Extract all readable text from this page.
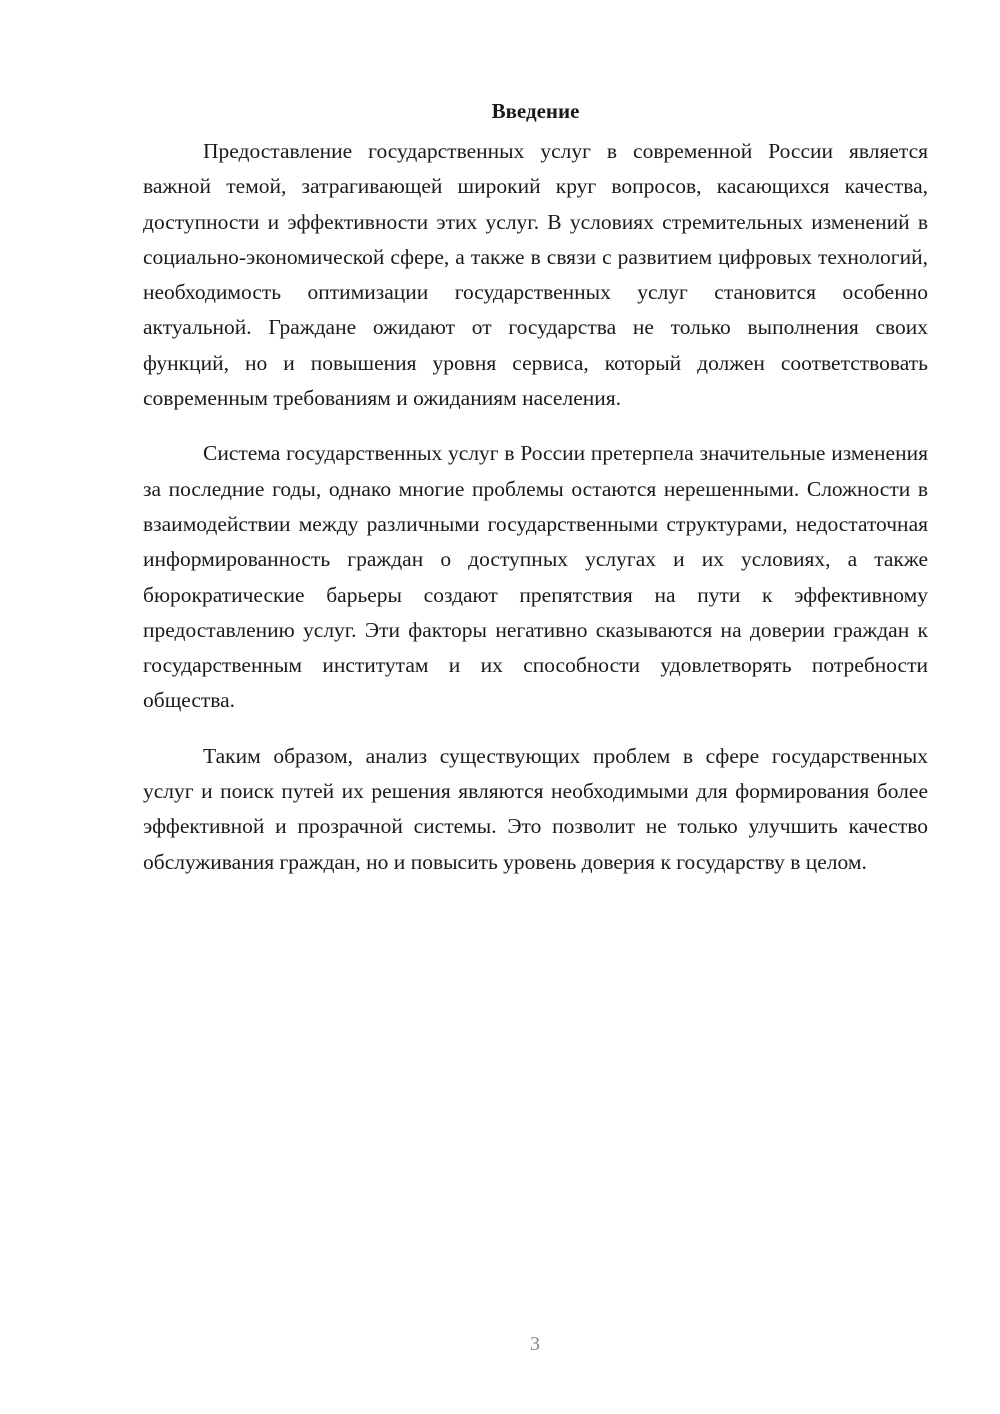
Введение

Предоставление государственных услуг в современной России является важной темой, затрагивающей широкий круг вопросов, касающихся качества, доступности и эффективности этих услуг. В условиях стремительных изменений в социально-экономической сфере, а также в связи с развитием цифровых технологий, необходимость оптимизации государственных услуг становится особенно актуальной. Граждане ожидают от государства не только выполнения своих функций, но и повышения уровня сервиса, который должен соответствовать современным требованиям и ожиданиям населения.

Система государственных услуг в России претерпела значительные изменения за последние годы, однако многие проблемы остаются нерешенными. Сложности в взаимодействии между различными государственными структурами, недостаточная информированность граждан о доступных услугах и их условиях, а также бюрократические барьеры создают препятствия на пути к эффективному предоставлению услуг. Эти факторы негативно сказываются на доверии граждан к государственным институтам и их способности удовлетворять потребности общества.

Таким образом, анализ существующих проблем в сфере государственных услуг и поиск путей их решения являются необходимыми для формирования более эффективной и прозрачной системы. Это позволит не только улучшить качество обслуживания граждан, но и повысить уровень доверия к государству в целом.

3
